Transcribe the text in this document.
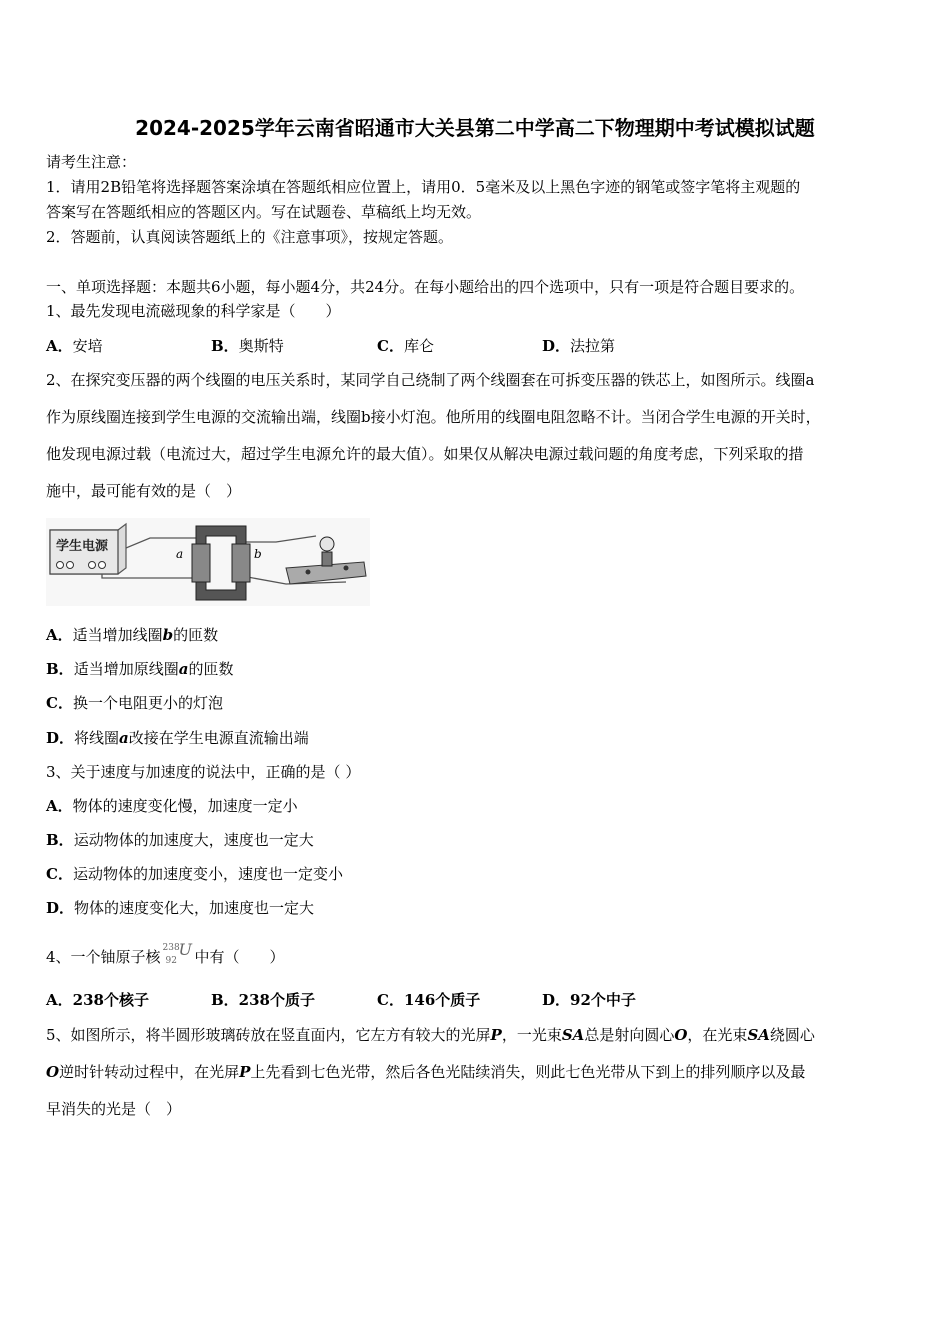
2024-2025学年云南省昭通市大关县第二中学高二下物理期中考试模拟试题
请考生注意：
1．请用2B铅笔将选择题答案涂填在答题纸相应位置上，请用0．5毫米及以上黑色字迹的钢笔或签字笔将主观题的
答案写在答题纸相应的答题区内。写在试题卷、草稿纸上均无效。
2．答题前，认真阅读答题纸上的《注意事项》，按规定答题。
一、单项选择题：本题共6小题，每小题4分，共24分。在每小题给出的四个选项中，只有一项是符合题目要求的。
1、最先发现电流磁现象的科学家是（　　）
A．安培	B．奥斯特	C．库仑	D．法拉第
2、在探究变压器的两个线圈的电压关系时，某同学自己绕制了两个线圈套在可拆变压器的铁芯上，如图所示。线圈a
作为原线圈连接到学生电源的交流输出端，线圈b接小灯泡。他所用的线圈电阻忽略不计。当闭合学生电源的开关时，
他发现电源过载（电流过大，超过学生电源允许的最大值）。如果仅从解决电源过载问题的角度考虑，下列采取的措
施中，最可能有效的是（　）
学生电源	a	b
A．适当增加线圈b的匝数
B．适当增加原线圈a的匝数
C．换一个电阻更小的灯泡
D．将线圈a改接在学生电源直流输出端
3、关于速度与加速度的说法中，正确的是（ ）
A．物体的速度变化慢，加速度一定小
B．运动物体的加速度大，速度也一定大
C．运动物体的加速度变小，速度也一定变小
D．物体的速度变化大，加速度也一定大
4、一个铀原子核 238
92
U 中有（　　）
A．238个核子	B．238个质子	C．146个质子	D．92个中子
5、如图所示，将半圆形玻璃砖放在竖直面内，它左方有较大的光屏P，一光束SA总是射向圆心O，在光束SA绕圆心
O逆时针转动过程中，在光屏P上先看到七色光带，然后各色光陆续消失，则此七色光带从下到上的排列顺序以及最
早消失的光是（　）
